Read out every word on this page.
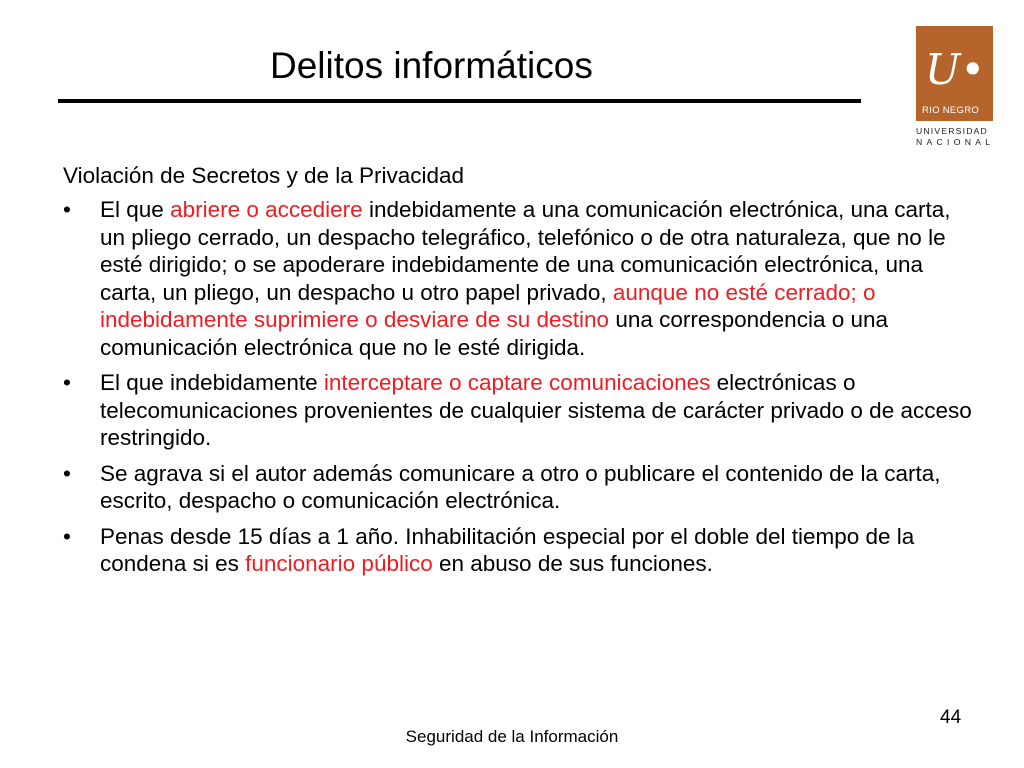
Delitos informáticos	U•
RIO NEGRO
UNIVERSIDAD
NACIONAL
Violación de Secretos y de la Privacidad
•	El que abriere o accediere indebidamente a una comunicación electrónica, una carta, un pliego cerrado, un despacho telegráfico, telefónico o de otra naturaleza, que no le esté dirigido; o se apoderare indebidamente de una comunicación electrónica, una carta, un pliego, un despacho u otro papel privado, aunque no esté cerrado; o indebidamente suprimiere o desviare de su destino una correspondencia o una comunicación electrónica que no le esté dirigida.
•	El que indebidamente interceptare o captare comunicaciones electrónicas o telecomunicaciones provenientes de cualquier sistema de carácter privado o de acceso restringido.
•	Se agrava si el autor además comunicare a otro o publicare el contenido de la carta, escrito, despacho o comunicación electrónica.
•	Penas desde 15 días a 1 año. Inhabilitación especial por el doble del tiempo de la condena si es funcionario público en abuso de sus funciones.
44
Seguridad de la Información
